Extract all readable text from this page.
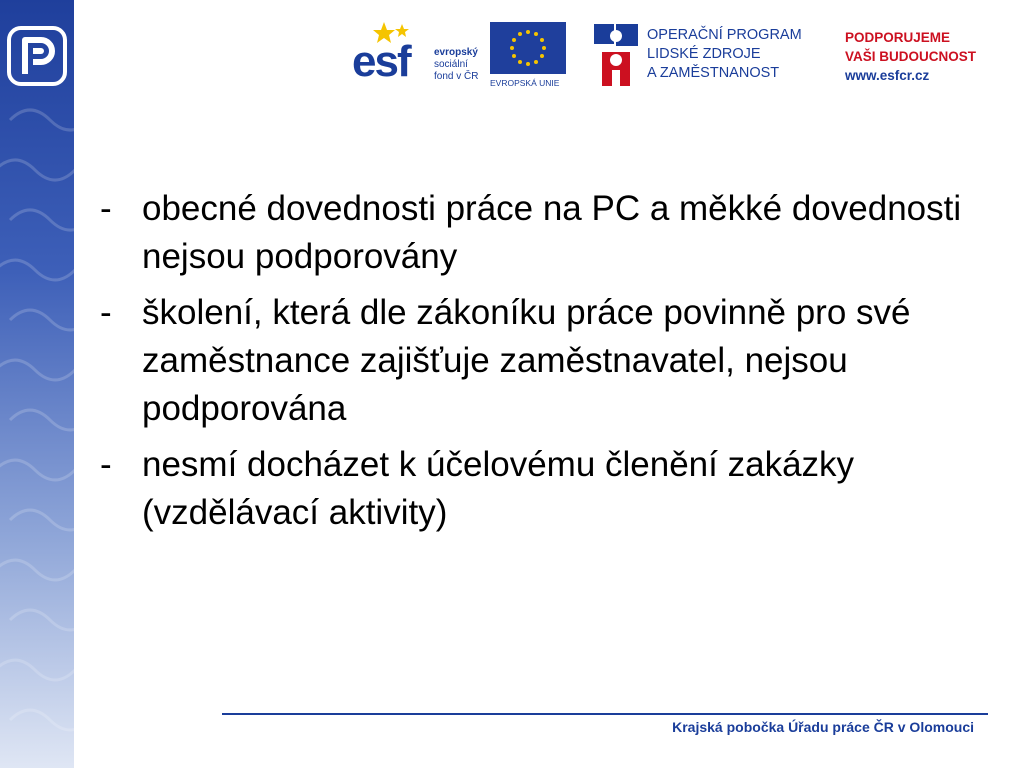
esf evropský
sociální
fond v ČR
EVROPSKÁ UNIE
OPERAČNÍ PROGRAM
LIDSKÉ ZDROJE
A ZAMĚSTNANOST
PODPORUJEME
VAŠI BUDOUCNOST
www.esfcr.cz
- obecné dovednosti práce na PC a měkké dovednosti nejsou podporovány
- školení, která dle zákoníku práce povinně pro své zaměstnance zajišťuje zaměstnavatel, nejsou podporována
- nesmí docházet k účelovému členění zakázky (vzdělávací aktivity)
Krajská pobočka Úřadu práce ČR v Olomouci
